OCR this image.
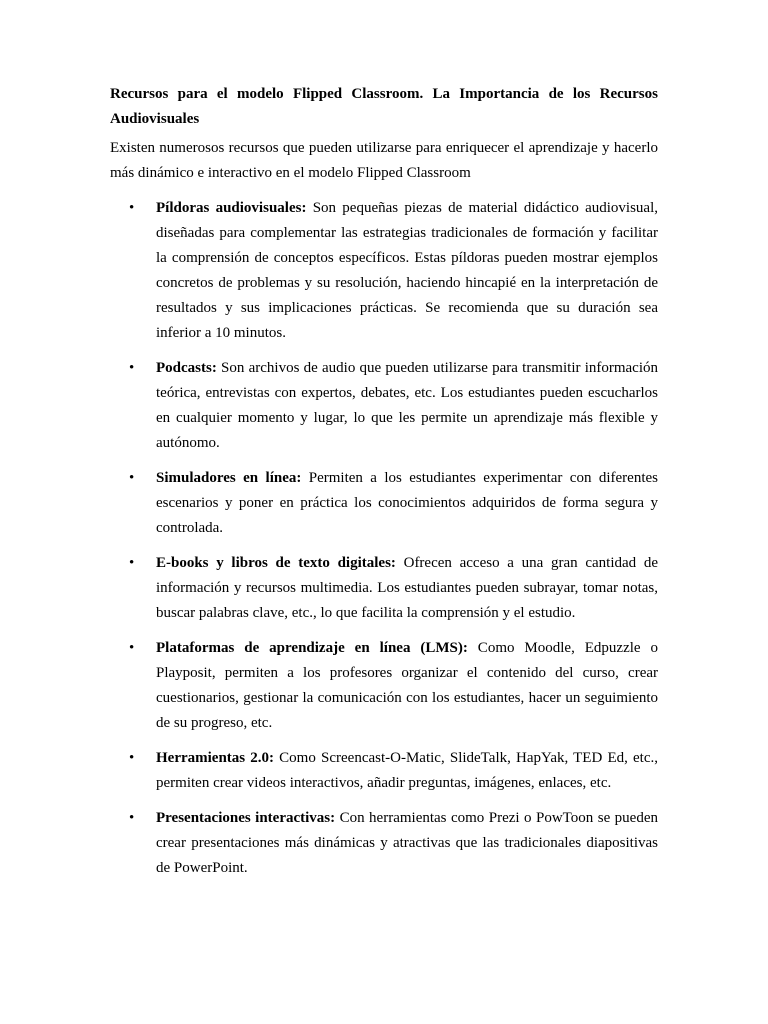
Recursos para el modelo Flipped Classroom. La Importancia de los Recursos Audiovisuales

Existen numerosos recursos que pueden utilizarse para enriquecer el aprendizaje y hacerlo más dinámico e interactivo en el modelo Flipped Classroom

• Píldoras audiovisuales: Son pequeñas piezas de material didáctico audiovisual, diseñadas para complementar las estrategias tradicionales de formación y facilitar la comprensión de conceptos específicos. Estas píldoras pueden mostrar ejemplos concretos de problemas y su resolución, haciendo hincapié en la interpretación de resultados y sus implicaciones prácticas. Se recomienda que su duración sea inferior a 10 minutos.
• Podcasts: Son archivos de audio que pueden utilizarse para transmitir información teórica, entrevistas con expertos, debates, etc. Los estudiantes pueden escucharlos en cualquier momento y lugar, lo que les permite un aprendizaje más flexible y autónomo.
• Simuladores en línea: Permiten a los estudiantes experimentar con diferentes escenarios y poner en práctica los conocimientos adquiridos de forma segura y controlada.
• E-books y libros de texto digitales: Ofrecen acceso a una gran cantidad de información y recursos multimedia. Los estudiantes pueden subrayar, tomar notas, buscar palabras clave, etc., lo que facilita la comprensión y el estudio.
• Plataformas de aprendizaje en línea (LMS): Como Moodle, Edpuzzle o Playposit, permiten a los profesores organizar el contenido del curso, crear cuestionarios, gestionar la comunicación con los estudiantes, hacer un seguimiento de su progreso, etc.
• Herramientas 2.0: Como Screencast-O-Matic, SlideTalk, HapYak, TED Ed, etc., permiten crear videos interactivos, añadir preguntas, imágenes, enlaces, etc.
• Presentaciones interactivas: Con herramientas como Prezi o PowToon se pueden crear presentaciones más dinámicas y atractivas que las tradicionales diapositivas de PowerPoint.
